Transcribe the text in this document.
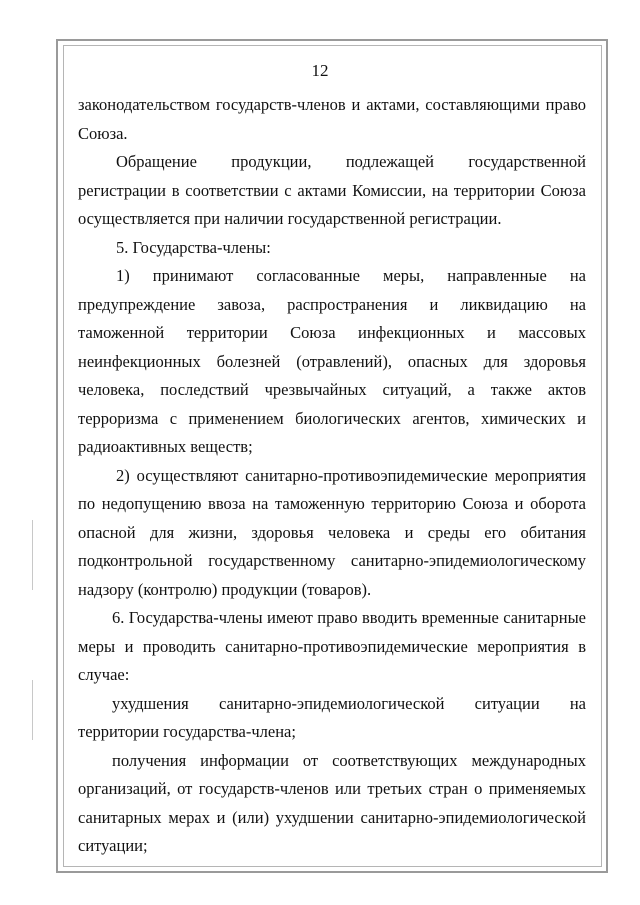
12

законодательством государств-членов и актами, составляющими право Союза.

Обращение продукции, подлежащей государственной регистрации в соответствии с актами Комиссии, на территории Союза осуществляется при наличии государственной регистрации.

5. Государства-члены:

1) принимают согласованные меры, направленные на предупреждение завоза, распространения и ликвидацию на таможенной территории Союза инфекционных и массовых неинфекционных болезней (отравлений), опасных для здоровья человека, последствий чрезвычайных ситуаций, а также актов терроризма с применением биологических агентов, химических и радиоактивных веществ;

2) осуществляют санитарно-противоэпидемические мероприятия по недопущению ввоза на таможенную территорию Союза и оборота опасной для жизни, здоровья человека и среды его обитания подконтрольной государственному санитарно-эпидемиологическому надзору (контролю) продукции (товаров).

6. Государства-члены имеют право вводить временные санитарные меры и проводить санитарно-противоэпидемические мероприятия в случае:

ухудшения санитарно-эпидемиологической ситуации на территории государства-члена;

получения информации от соответствующих международных организаций, от государств-членов или третьих стран о применяемых санитарных мерах и (или) ухудшении санитарно-эпидемиологической ситуации;
